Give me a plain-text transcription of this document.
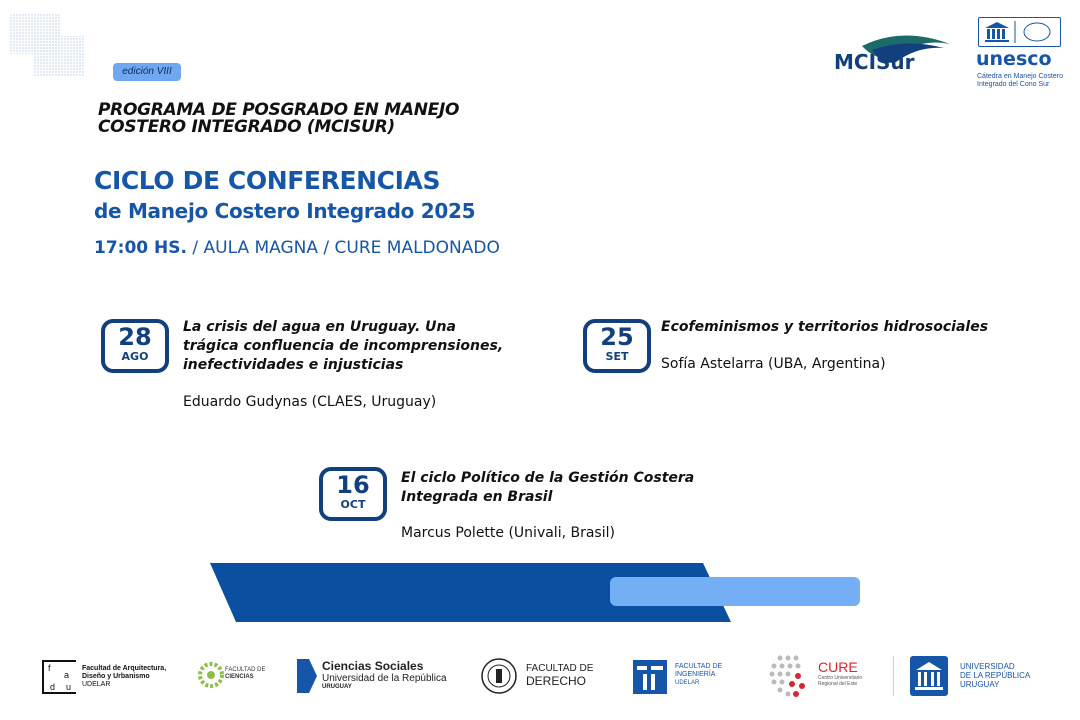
edición VIII
PROGRAMA DE POSGRADO EN MANEJO
COSTERO INTEGRADO (MCISUR)
CICLO DE CONFERENCIAS
de Manejo Costero Integrado 2025
17:00 HS. / AULA MAGNA / CURE MALDONADO
MCISur	unesco
Cátedra en Manejo Costero
Integrado del Cono Sur
28
AGO
La crisis del agua en Uruguay. Una
trágica confluencia de incomprensiones,
inefectividades e injusticias
Eduardo Gudynas (CLAES, Uruguay)
25
SET
Ecofeminismos y territorios hidrosociales
Sofía Astelarra (UBA, Argentina)
16
OCT
El ciclo Político de la Gestión Costera
Integrada en Brasil
Marcus Polette (Univali, Brasil)
f
a
d u
Facultad de Arquitectura,
Diseño y Urbanismo
UDELAR
FACULTAD DE
CIENCIAS
Ciencias Sociales
Universidad de la República
URUGUAY
FACULTAD DE
DERECHO
FACULTAD DE
INGENIERÍA
UDELAR
CURE
Centro Universitario
Regional del Este
UNIVERSIDAD
DE LA REPÚBLICA
URUGUAY
